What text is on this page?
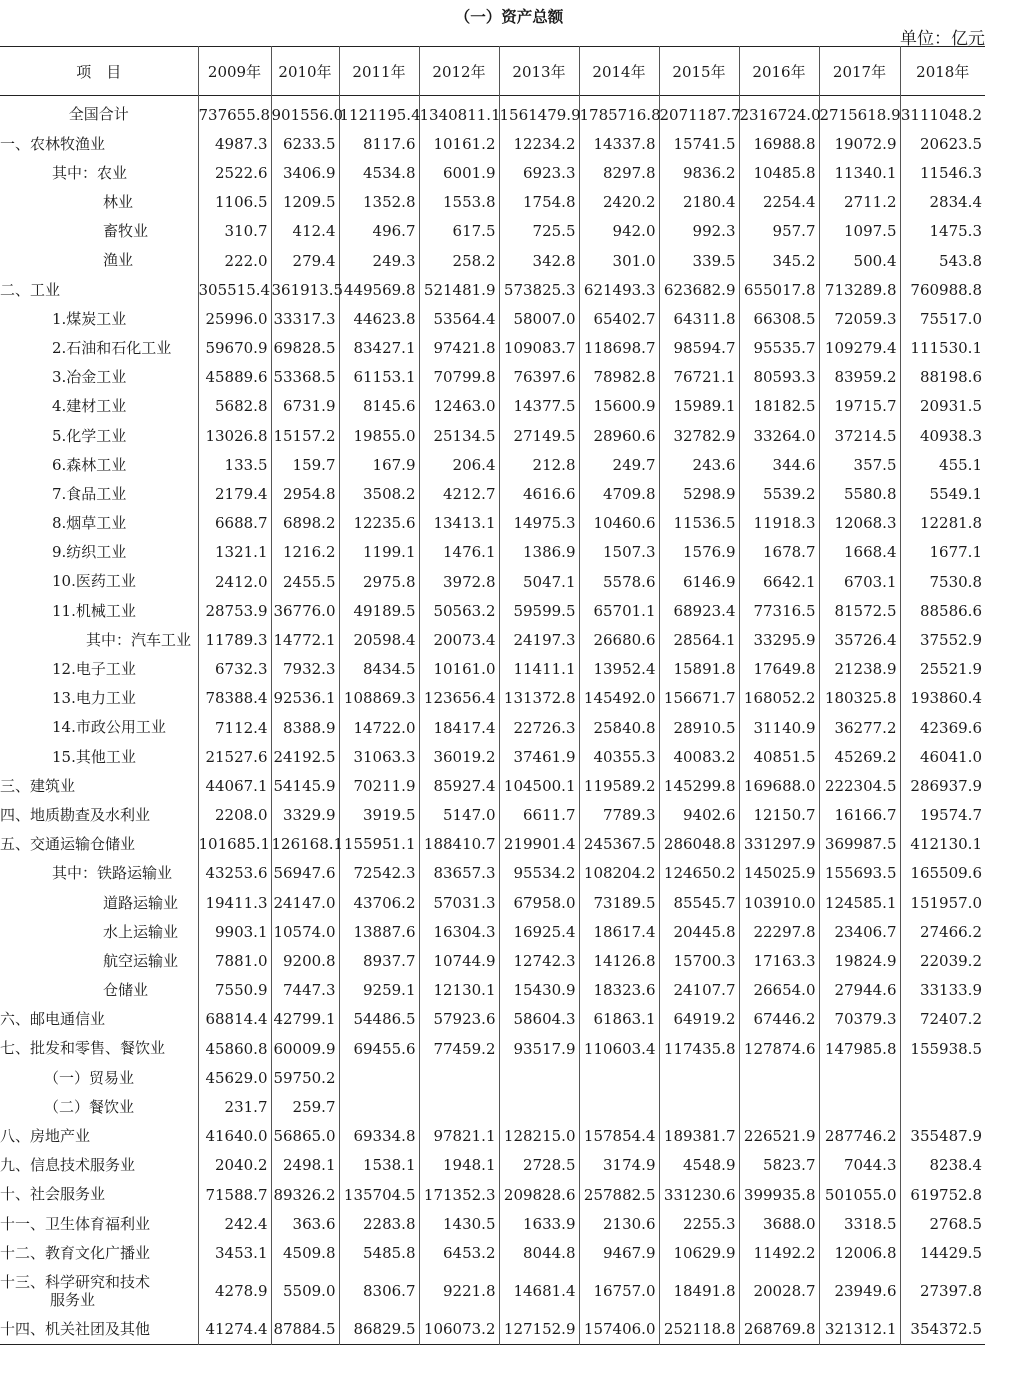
（一）资产总额
单位：亿元
项　目	2009年	2010年	2011年	2012年	2013年	2014年	2015年	2016年	2017年	2018年

全国合计	737655.8	901556.0	1121195.4	1340811.1	1561479.9	1785716.8	2071187.7	2316724.0	2715618.9	3111048.2
一、农林牧渔业	4987.3	6233.5	8117.6	10161.2	12234.2	14337.8	15741.5	16988.8	19072.9	20623.5
其中：农业	2522.6	3406.9	4534.8	6001.9	6923.3	8297.8	9836.2	10485.8	11340.1	11546.3
林业	1106.5	1209.5	1352.8	1553.8	1754.8	2420.2	2180.4	2254.4	2711.2	2834.4
畜牧业	310.7	412.4	496.7	617.5	725.5	942.0	992.3	957.7	1097.5	1475.3
渔业	222.0	279.4	249.3	258.2	342.8	301.0	339.5	345.2	500.4	543.8
二、工业	305515.4	361913.5	449569.8	521481.9	573825.3	621493.3	623682.9	655017.8	713289.8	760988.8
1.煤炭工业	25996.0	33317.3	44623.8	53564.4	58007.0	65402.7	64311.8	66308.5	72059.3	75517.0
2.石油和石化工业	59670.9	69828.5	83427.1	97421.8	109083.7	118698.7	98594.7	95535.7	109279.4	111530.1
3.冶金工业	45889.6	53368.5	61153.1	70799.8	76397.6	78982.8	76721.1	80593.3	83959.2	88198.6
4.建材工业	5682.8	6731.9	8145.6	12463.0	14377.5	15600.9	15989.1	18182.5	19715.7	20931.5
5.化学工业	13026.8	15157.2	19855.0	25134.5	27149.5	28960.6	32782.9	33264.0	37214.5	40938.3
6.森林工业	133.5	159.7	167.9	206.4	212.8	249.7	243.6	344.6	357.5	455.1
7.食品工业	2179.4	2954.8	3508.2	4212.7	4616.6	4709.8	5298.9	5539.2	5580.8	5549.1
8.烟草工业	6688.7	6898.2	12235.6	13413.1	14975.3	10460.6	11536.5	11918.3	12068.3	12281.8
9.纺织工业	1321.1	1216.2	1199.1	1476.1	1386.9	1507.3	1576.9	1678.7	1668.4	1677.1
10.医药工业	2412.0	2455.5	2975.8	3972.8	5047.1	5578.6	6146.9	6642.1	6703.1	7530.8
11.机械工业	28753.9	36776.0	49189.5	50563.2	59599.5	65701.1	68923.4	77316.5	81572.5	88586.6
其中：汽车工业	11789.3	14772.1	20598.4	20073.4	24197.3	26680.6	28564.1	33295.9	35726.4	37552.9
12.电子工业	6732.3	7932.3	8434.5	10161.0	11411.1	13952.4	15891.8	17649.8	21238.9	25521.9
13.电力工业	78388.4	92536.1	108869.3	123656.4	131372.8	145492.0	156671.7	168052.2	180325.8	193860.4
14.市政公用工业	7112.4	8388.9	14722.0	18417.4	22726.3	25840.8	28910.5	31140.9	36277.2	42369.6
15.其他工业	21527.6	24192.5	31063.3	36019.2	37461.9	40355.3	40083.2	40851.5	45269.2	46041.0
三、建筑业	44067.1	54145.9	70211.9	85927.4	104500.1	119589.2	145299.8	169688.0	222304.5	286937.9
四、地质勘查及水利业	2208.0	3329.9	3919.5	5147.0	6611.7	7789.3	9402.6	12150.7	16166.7	19574.7
五、交通运输仓储业	101685.1	126168.1	155951.1	188410.7	219901.4	245367.5	286048.8	331297.9	369987.5	412130.1
其中：铁路运输业	43253.6	56947.6	72542.3	83657.3	95534.2	108204.2	124650.2	145025.9	155693.5	165509.6
道路运输业	19411.3	24147.0	43706.2	57031.3	67958.0	73189.5	85545.7	103910.0	124585.1	151957.0
水上运输业	9903.1	10574.0	13887.6	16304.3	16925.4	18617.4	20445.8	22297.8	23406.7	27466.2
航空运输业	7881.0	9200.8	8937.7	10744.9	12742.3	14126.8	15700.3	17163.3	19824.9	22039.2
仓储业	7550.9	7447.3	9259.1	12130.1	15430.9	18323.6	24107.7	26654.0	27944.6	33133.9
六、邮电通信业	68814.4	42799.1	54486.5	57923.6	58604.3	61863.1	64919.2	67446.2	70379.3	72407.2
七、批发和零售、餐饮业	45860.8	60009.9	69455.6	77459.2	93517.9	110603.4	117435.8	127874.6	147985.8	155938.5
（一）贸易业	45629.0	59750.2								
（二）餐饮业	231.7	259.7								
八、房地产业	41640.0	56865.0	69334.8	97821.1	128215.0	157854.4	189381.7	226521.9	287746.2	355487.9
九、信息技术服务业	2040.2	2498.1	1538.1	1948.1	2728.5	3174.9	4548.9	5823.7	7044.3	8238.4
十、社会服务业	71588.7	89326.2	135704.5	171352.3	209828.6	257882.5	331230.6	399935.8	501055.0	619752.8
十一、卫生体育福利业	242.4	363.6	2283.8	1430.5	1633.9	2130.6	2255.3	3688.0	3318.5	2768.5
十二、教育文化广播业	3453.1	4509.8	5485.8	6453.2	8044.8	9467.9	10629.9	11492.2	12006.8	14429.5
十三、科学研究和技术
服务业	4278.9	5509.0	8306.7	9221.8	14681.4	16757.0	18491.8	20028.7	23949.6	27397.8
十四、机关社团及其他	41274.4	87884.5	86829.5	106073.2	127152.9	157406.0	252118.8	268769.8	321312.1	354372.5
